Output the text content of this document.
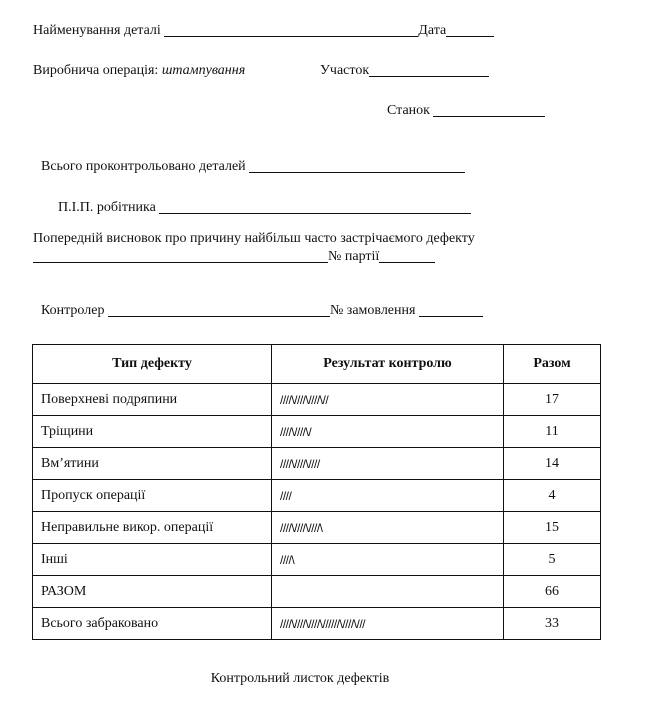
Найменування деталі	Дата
Виробнича операція: штампування	Участок
Станок
Всього проконтрольовано деталей
П.І.П. робітника
Попередній висновок про причину найбільш часто застрічаємого дефекту
№ партії
Контролер	№ замовлення
Тип дефекту	Результат контролю	Разом
Поверхневі подряпини	////\////\////\//	17
Тріщини	////\////\/	11
Вм’ятини	////\////\////	14
Пропуск операції	////	4
Неправильне викор. операції	////\////\////\	15
Інші	////\	5
РАЗОМ		66
Всього забраковано	////\////\////\//////\////\///	33
Контрольний листок дефектів
